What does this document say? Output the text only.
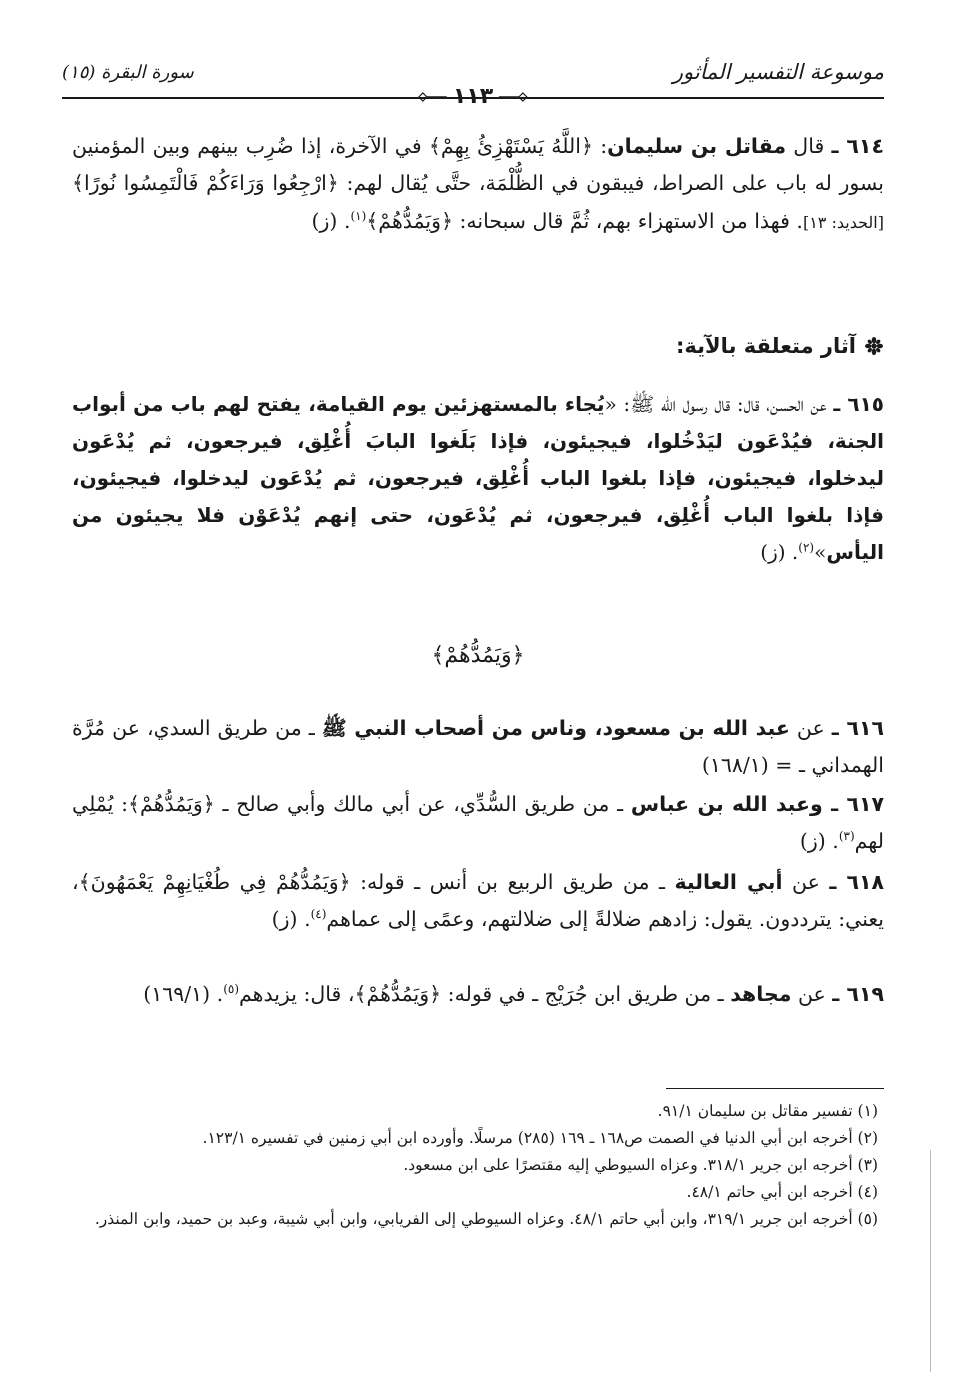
موسوعة التفسير المأثور
سورة البقرة (١٥)
١١٣

٦١٤ ـ قال مقاتل بن سليمان: ﴿اللَّهُ يَسْتَهْزِئُ بِهِمْ﴾ في الآخرة، إذا ضُرِب بينهم وبين المؤمنين بسور له باب على الصراط، فيبقون في الظُّلْمَة، حتَّى يُقال لهم: ﴿ارْجِعُوا وَرَاءَكُمْ فَالْتَمِسُوا نُورًا﴾ [الحديد: ١٣]. فهذا من الاستهزاء بهم، ثُمَّ قال سبحانه: ﴿وَيَمُدُّهُمْ﴾$^{(١)}$. (ز)

آثار متعلقة بالآية:

٦١٥ ـ عن الحسن، قال: قال رسول الله ﷺ: «يُجاء بالمستهزئين يوم القيامة، يفتح لهم باب من أبواب الجنة، فيُدْعَون ليَدْخُلوا، فيجيئون، فإذا بَلَغوا البابَ أُغْلِق، فيرجعون، ثم يُدْعَون ليدخلوا، فيجيئون، فإذا بلغوا الباب أُغْلِق، فيرجعون، ثم يُدْعَون ليدخلوا، فيجيئون، فإذا بلغوا الباب أُغْلِق، فيرجعون، ثم يُدْعَون، حتى إنهم يُدْعَوْن فلا يجيئون من اليأس»$^{(٢)}$. (ز)

﴿وَيَمُدُّهُمْ﴾

٦١٦ ـ عن عبد الله بن مسعود، وناس من أصحاب النبي ﷺ ـ من طريق السدي، عن مُرَّة الهمداني ـ = (١٦٨/١)

٦١٧ ـ وعبد الله بن عباس ـ من طريق السُّدِّي، عن أبي مالك وأبي صالح ـ ﴿وَيَمُدُّهُمْ﴾: يُمْلِي لهم$^{(٣)}$. (ز)

٦١٨ ـ عن أبي العالية ـ من طريق الربيع بن أنس ـ قوله: ﴿وَيَمُدُّهُمْ فِي طُغْيَانِهِمْ يَعْمَهُونَ﴾، يعني: يترددون. يقول: زادهم ضلالةً إلى ضلالتهم، وعمًى إلى عماهم$^{(٤)}$. (ز)

٦١٩ ـ عن مجاهد ـ من طريق ابن جُرَيْج ـ في قوله: ﴿وَيَمُدُّهُمْ﴾، قال: يزيدهم$^{(٥)}$. (١٦٩/١)

(١) تفسير مقاتل بن سليمان ٩١/١.

(٢) أخرجه ابن أبي الدنيا في الصمت ص١٦٨ ـ ١٦٩ (٢٨٥) مرسلًا. وأورده ابن أبي زمنين في تفسيره ١٢٣/١.

(٣) أخرجه ابن جرير ٣١٨/١. وعزاه السيوطي إليه مقتصرًا على ابن مسعود.

(٤) أخرجه ابن أبي حاتم ٤٨/١.

(٥) أخرجه ابن جرير ٣١٩/١، وابن أبي حاتم ٤٨/١. وعزاه السيوطي إلى الفريابي، وابن أبي شيبة، وعبد بن حميد، وابن المنذر.
